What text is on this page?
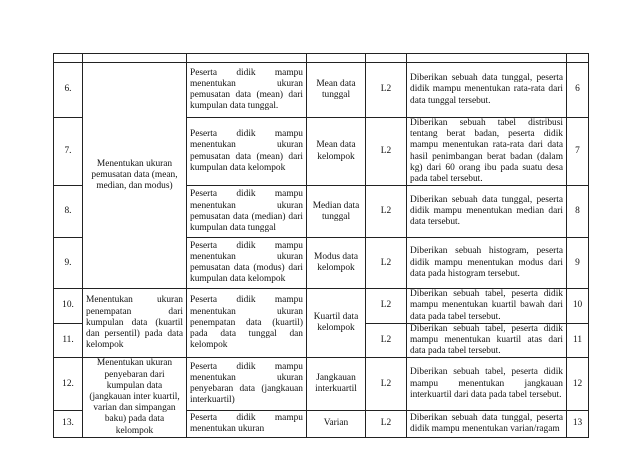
6.	Menentukan ukuran pemusatan data (mean, median, dan modus)	Peserta didik mampu menentukan ukuran pemusatan data (mean) dari kumpulan data tunggal.	Mean data tunggal	L2	Diberikan sebuah data tunggal, peserta didik mampu menentukan rata-rata dari data tunggal tersebut.	6
7.		Peserta didik mampu menentukan ukuran pemusatan data (mean) dari kumpulan data kelompok	Mean data kelompok	L2	Diberikan sebuah tabel distribusi tentang berat badan, peserta didik mampu menentukan rata-rata dari data hasil penimbangan berat badan (dalam kg) dari 60 orang ibu pada suatu desa pada tabel tersebut.	7
8.		Peserta didik mampu menentukan ukuran pemusatan data (median) dari kumpulan data tunggal	Median data tunggal	L2	Diberikan sebuah data tunggal, peserta didik mampu menentukan median dari data tersebut.	8
9.		Peserta didik mampu menentukan ukuran pemusatan data (modus) dari kumpulan data kelompok	Modus data kelompok	L2	Diberikan sebuah histogram, peserta didik mampu menentukan modus dari data pada histogram tersebut.	9
10.	Menentukan ukuran penempatan dari kumpulan data (kuartil dan persentil) pada data kelompok	Peserta didik mampu menentukan ukuran penempatan data (kuartil) pada data tunggal dan kelompok	Kuartil data kelompok	L2	Diberikan sebuah tabel, peserta didik mampu menentukan kuartil bawah dari data pada tabel tersebut.	10
11.				L2	Diberikan sebuah tabel, peserta didik mampu menentukan kuartil atas dari data pada tabel tersebut.	11
12.	Menentukan ukuran penyebaran dari kumpulan data (jangkauan inter kuartil, varian dan simpangan baku) pada data kelompok	Peserta didik mampu menentukan ukuran penyebaran data (jangkauan interkuartil)	Jangkauan interkuartil	L2	Diberikan sebuah tabel, peserta didik mampu menentukan jangkauan interkuartil dari data pada tabel tersebut.	12
13.		Peserta didik mampu menentukan ukuran	Varian	L2	Diberikan sebuah data tunggal, peserta didik mampu menentukan varian/ragam	13
